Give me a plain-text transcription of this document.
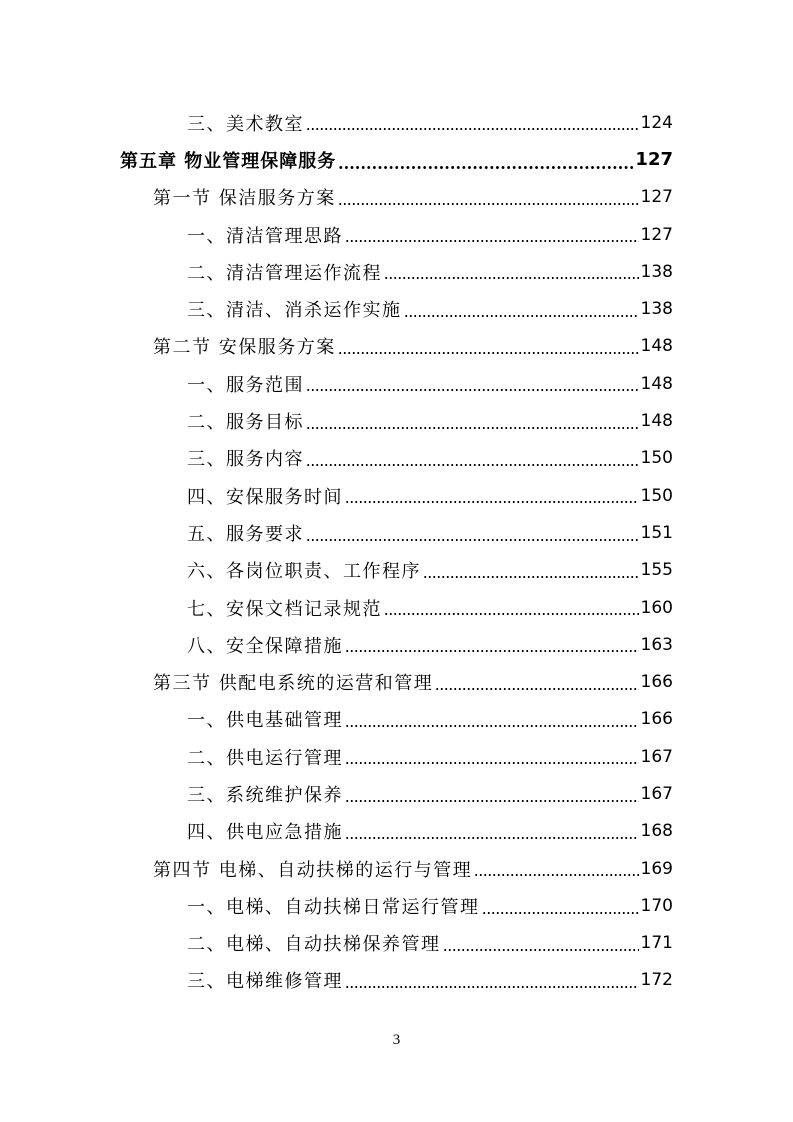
三、美术教室	124
第五章 物业管理保障服务	127
第一节 保洁服务方案	127
一、清洁管理思路	127
二、清洁管理运作流程	138
三、清洁、消杀运作实施	138
第二节 安保服务方案	148
一、服务范围	148
二、服务目标	148
三、服务内容	150
四、安保服务时间	150
五、服务要求	151
六、各岗位职责、工作程序	155
七、安保文档记录规范	160
八、安全保障措施	163
第三节 供配电系统的运营和管理	166
一、供电基础管理	166
二、供电运行管理	167
三、系统维护保养	167
四、供电应急措施	168
第四节 电梯、自动扶梯的运行与管理	169
一、电梯、自动扶梯日常运行管理	170
二、电梯、自动扶梯保养管理	171
三、电梯维修管理	172
3
